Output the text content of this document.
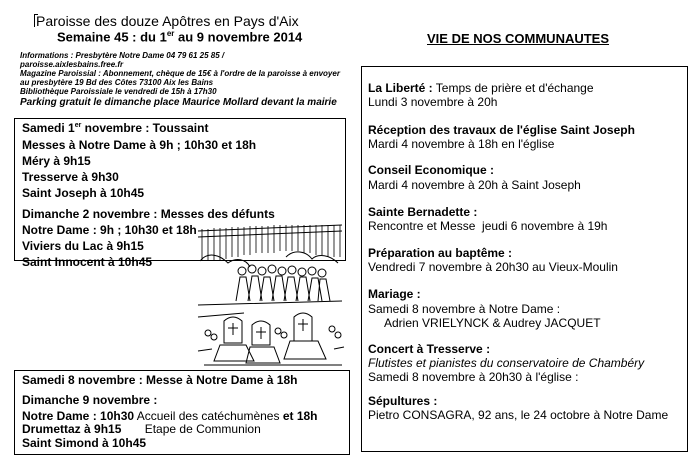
Paroisse des douze Apôtres en Pays d'Aix
Semaine 45 : du 1er au 9 novembre 2014
Informations : Presbytère Notre Dame 04 79 61 25 85 /
paroisse.aixlesbains.free.fr
Magazine Paroissial : Abonnement, chèque de 15€ à l'ordre de la paroisse à envoyer
au presbytère 19 Bd des Côtes 73100 Aix les Bains
Bibliothèque Paroissiale le vendredi de 15h à 17h30
Parking gratuit le dimanche place Maurice Mollard devant la mairie
Samedi 1er novembre : Toussaint
Messes à Notre Dame à 9h ; 10h30 et 18h
Méry à 9h15
Tresserve à 9h30
Saint Joseph à 10h45
Dimanche 2 novembre : Messes des défunts
Notre Dame : 9h ; 10h30 et 18h
Viviers du Lac à 9h15
Saint Innocent à 10h45
Samedi 8 novembre : Messe à Notre Dame à 18h
Dimanche 9 novembre :
Notre Dame : 10h30 Accueil des catéchumènes et 18h
Drumettaz à 9h15       Etape de Communion
Saint Simond à 10h45
VIE DE NOS COMMUNAUTES
La Liberté : Temps de prière et d'échange
Lundi 3 novembre à 20h
Réception des travaux de l'église Saint Joseph
Mardi 4 novembre à 18h en l'église
Conseil Economique :
Mardi 4 novembre à 20h à Saint Joseph
Sainte Bernadette :
Rencontre et Messe  jeudi 6 novembre à 19h
Préparation au baptême :
Vendredi 7 novembre à 20h30 au Vieux-Moulin
Mariage :
Samedi 8 novembre à Notre Dame :
Adrien VRIELYNCK & Audrey JACQUET
Concert à Tresserve :
Flutistes et pianistes du conservatoire de Chambéry
Samedi 8 novembre à 20h30 à l'église :
Sépultures :
Pietro CONSAGRA, 92 ans, le 24 octobre à Notre Dame
